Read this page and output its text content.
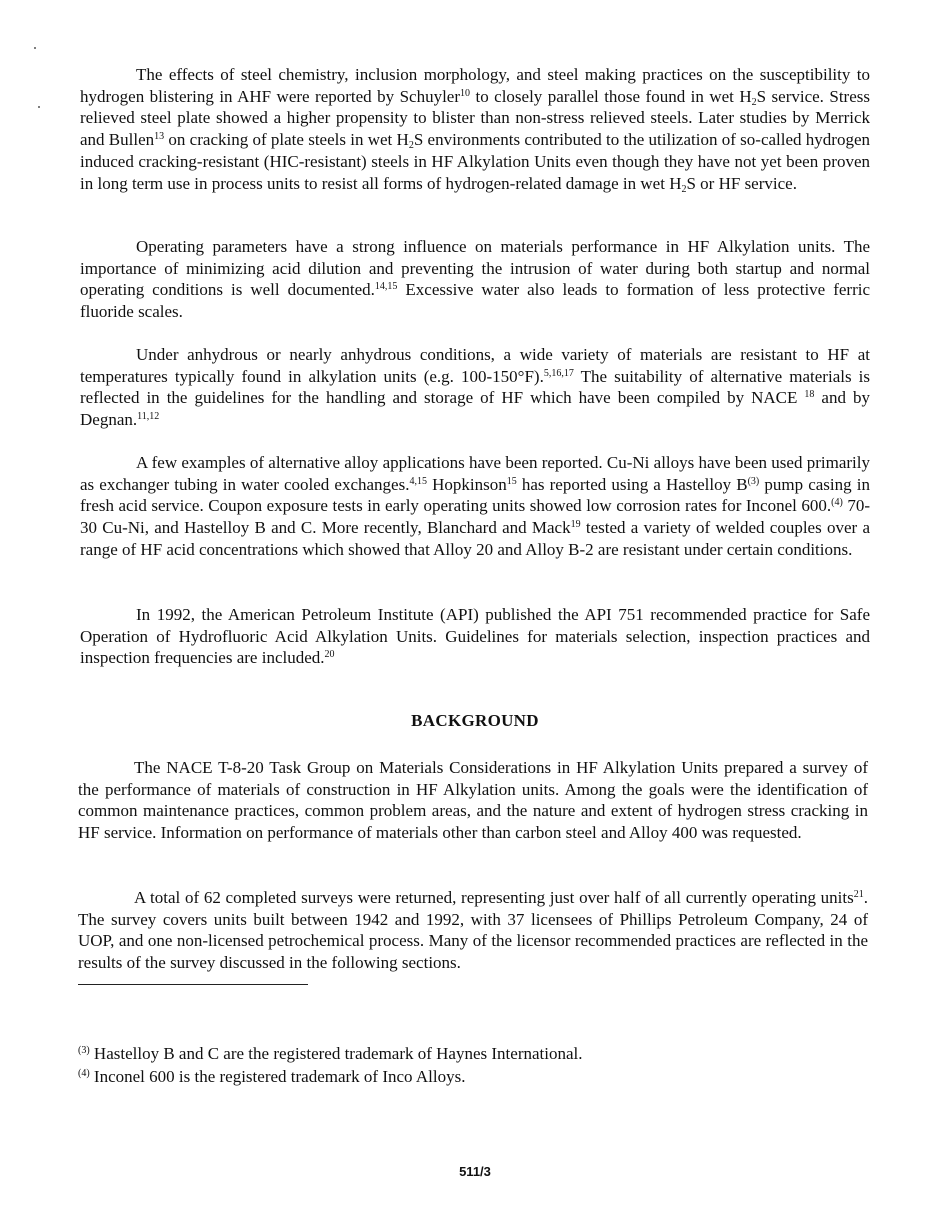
The effects of steel chemistry, inclusion morphology, and steel making practices on the susceptibility to hydrogen blistering in AHF were reported by Schuyler$^{10}$ to closely parallel those found in wet $H_2S$ service. Stress relieved steel plate showed a higher propensity to blister than non-stress relieved steels. Later studies by Merrick and Bullen$^{13}$ on cracking of plate steels in wet $H_2S$ environments contributed to the utilization of so-called hydrogen induced cracking-resistant (HIC-resistant) steels in HF Alkylation Units even though they have not yet been proven in long term use in process units to resist all forms of hydrogen-related damage in wet $H_2S$ or HF service.

Operating parameters have a strong influence on materials performance in HF Alkylation units. The importance of minimizing acid dilution and preventing the intrusion of water during both startup and normal operating conditions is well documented.$^{14,15}$ Excessive water also leads to formation of less protective ferric fluoride scales.

Under anhydrous or nearly anhydrous conditions, a wide variety of materials are resistant to HF at temperatures typically found in alkylation units (e.g. 100-150°F).$^{5,16,17}$ The suitability of alternative materials is reflected in the guidelines for the handling and storage of HF which have been compiled by NACE $^{18}$ and by Degnan.$^{11,12}$

A few examples of alternative alloy applications have been reported. Cu-Ni alloys have been used primarily as exchanger tubing in water cooled exchanges.$^{4,15}$ Hopkinson$^{15}$ has reported using a Hastelloy $B^{(3)}$ pump casing in fresh acid service. Coupon exposure tests in early operating units showed low corrosion rates for Inconel 600.$^{(4)}$ 70-30 Cu-Ni, and Hastelloy B and C. More recently, Blanchard and Mack$^{19}$ tested a variety of welded couples over a range of HF acid concentrations which showed that Alloy 20 and Alloy B-2 are resistant under certain conditions.

In 1992, the American Petroleum Institute (API) published the API 751 recommended practice for Safe Operation of Hydrofluoric Acid Alkylation Units. Guidelines for materials selection, inspection practices and inspection frequencies are included.$^{20}$

BACKGROUND

The NACE T-8-20 Task Group on Materials Considerations in HF Alkylation Units prepared a survey of the performance of materials of construction in HF Alkylation units. Among the goals were the identification of common maintenance practices, common problem areas, and the nature and extent of hydrogen stress cracking in HF service. Information on performance of materials other than carbon steel and Alloy 400 was requested.

A total of 62 completed surveys were returned, representing just over half of all currently operating units$^{21}$. The survey covers units built between 1942 and 1992, with 37 licensees of Phillips Petroleum Company, 24 of UOP, and one non-licensed petrochemical process. Many of the licensor recommended practices are reflected in the results of the survey discussed in the following sections.

$^{(3)}$ Hastelloy B and C are the registered trademark of Haynes International.

$^{(4)}$ Inconel 600 is the registered trademark of Inco Alloys.

511/3
